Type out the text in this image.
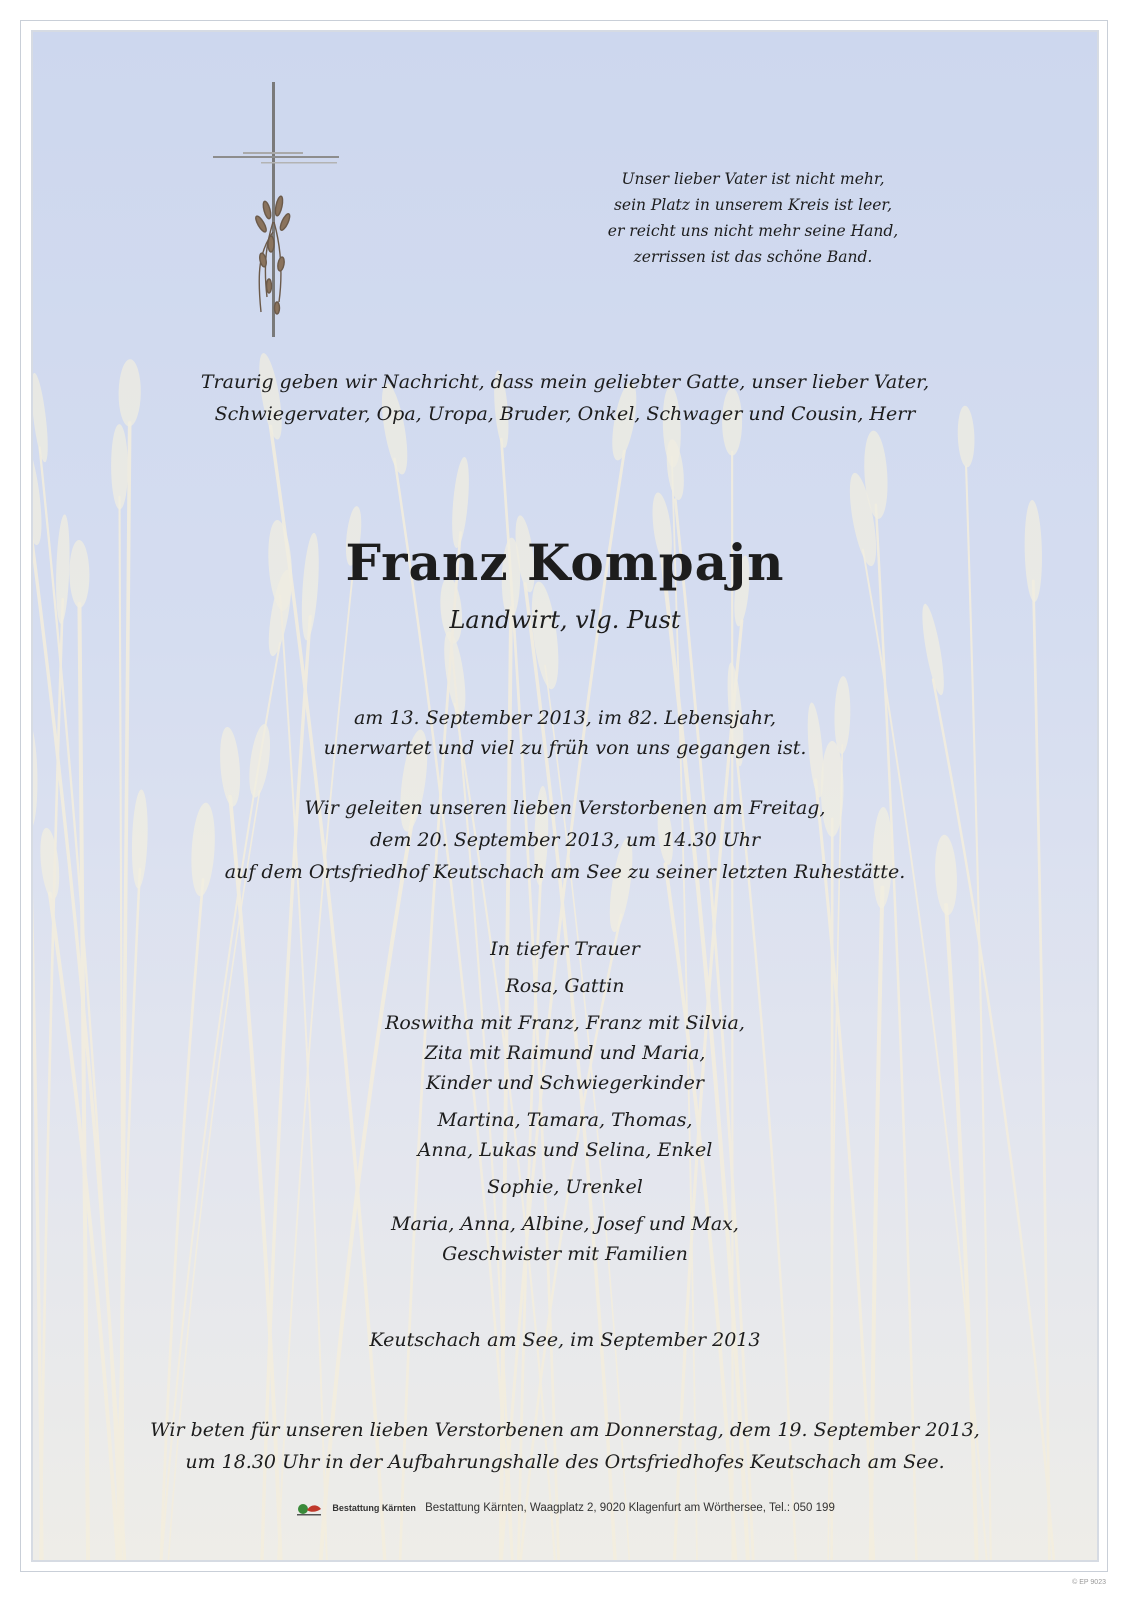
Unser lieber Vater ist nicht mehr,
sein Platz in unserem Kreis ist leer,
er reicht uns nicht mehr seine Hand,
zerrissen ist das schöne Band.
Traurig geben wir Nachricht, dass mein geliebter Gatte, unser lieber Vater,
Schwiegervater, Opa, Uropa, Bruder, Onkel, Schwager und Cousin, Herr
Franz Kompajn
Landwirt, vlg. Pust
am 13. September 2013, im 82. Lebensjahr,
unerwartet und viel zu früh von uns gegangen ist.
Wir geleiten unseren lieben Verstorbenen am Freitag,
dem 20. September 2013, um 14.30 Uhr
auf dem Ortsfriedhof Keutschach am See zu seiner letzten Ruhestätte.
In tiefer Trauer
Rosa, Gattin
Roswitha mit Franz, Franz mit Silvia,
Zita mit Raimund und Maria,
Kinder und Schwiegerkinder
Martina, Tamara, Thomas,
Anna, Lukas und Selina, Enkel
Sophie, Urenkel
Maria, Anna, Albine, Josef und Max,
Geschwister mit Familien
Keutschach am See, im September 2013
Wir beten für unseren lieben Verstorbenen am Donnerstag, dem 19. September 2013,
um 18.30 Uhr in der Aufbahrungshalle des Ortsfriedhofes Keutschach am See.
Bestattung Kärnten Bestattung Kärnten, Waagplatz 2, 9020 Klagenfurt am Wörthersee, Tel.: 050 199
© EP 9023
